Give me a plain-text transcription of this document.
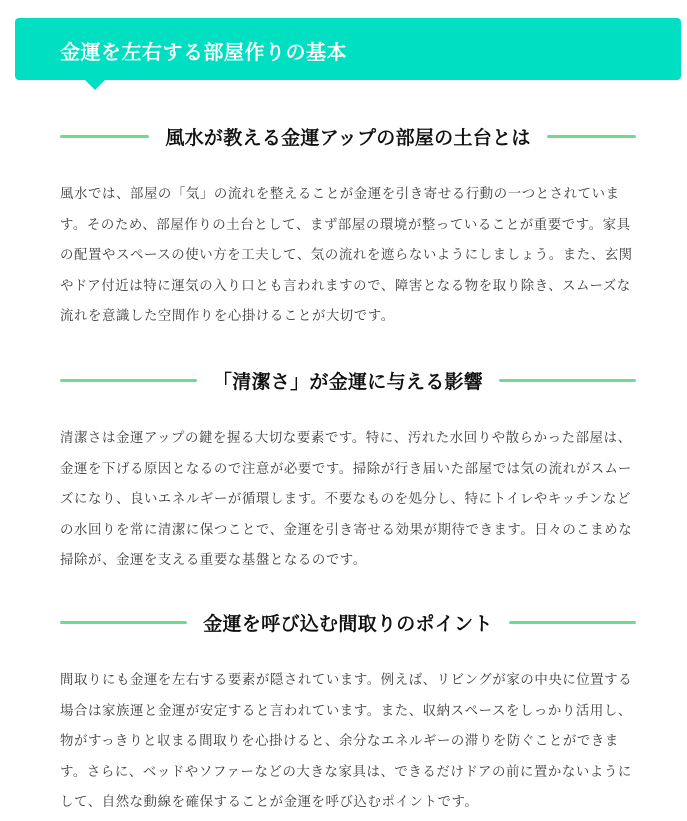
金運を左右する部屋作りの基本
風水が教える金運アップの部屋の土台とは

風水では、部屋の「気」の流れを整えることが金運を引き寄せる行動の一つとされています。そのため、部屋作りの土台として、まず部屋の環境が整っていることが重要です。家具の配置やスペースの使い方を工夫して、気の流れを遮らないようにしましょう。また、玄関やドア付近は特に運気の入り口とも言われますので、障害となる物を取り除き、スムーズな流れを意識した空間作りを心掛けることが大切です。

「清潔さ」が金運に与える影響

清潔さは金運アップの鍵を握る大切な要素です。特に、汚れた水回りや散らかった部屋は、金運を下げる原因となるので注意が必要です。掃除が行き届いた部屋では気の流れがスムーズになり、良いエネルギーが循環します。不要なものを処分し、特にトイレやキッチンなどの水回りを常に清潔に保つことで、金運を引き寄せる効果が期待できます。日々のこまめな掃除が、金運を支える重要な基盤となるのです。

金運を呼び込む間取りのポイント

間取りにも金運を左右する要素が隠されています。例えば、リビングが家の中央に位置する場合は家族運と金運が安定すると言われています。また、収納スペースをしっかり活用し、物がすっきりと収まる間取りを心掛けると、余分なエネルギーの滞りを防ぐことができます。さらに、ベッドやソファーなどの大きな家具は、できるだけドアの前に置かないようにして、自然な動線を確保することが金運を呼び込むポイントです。
